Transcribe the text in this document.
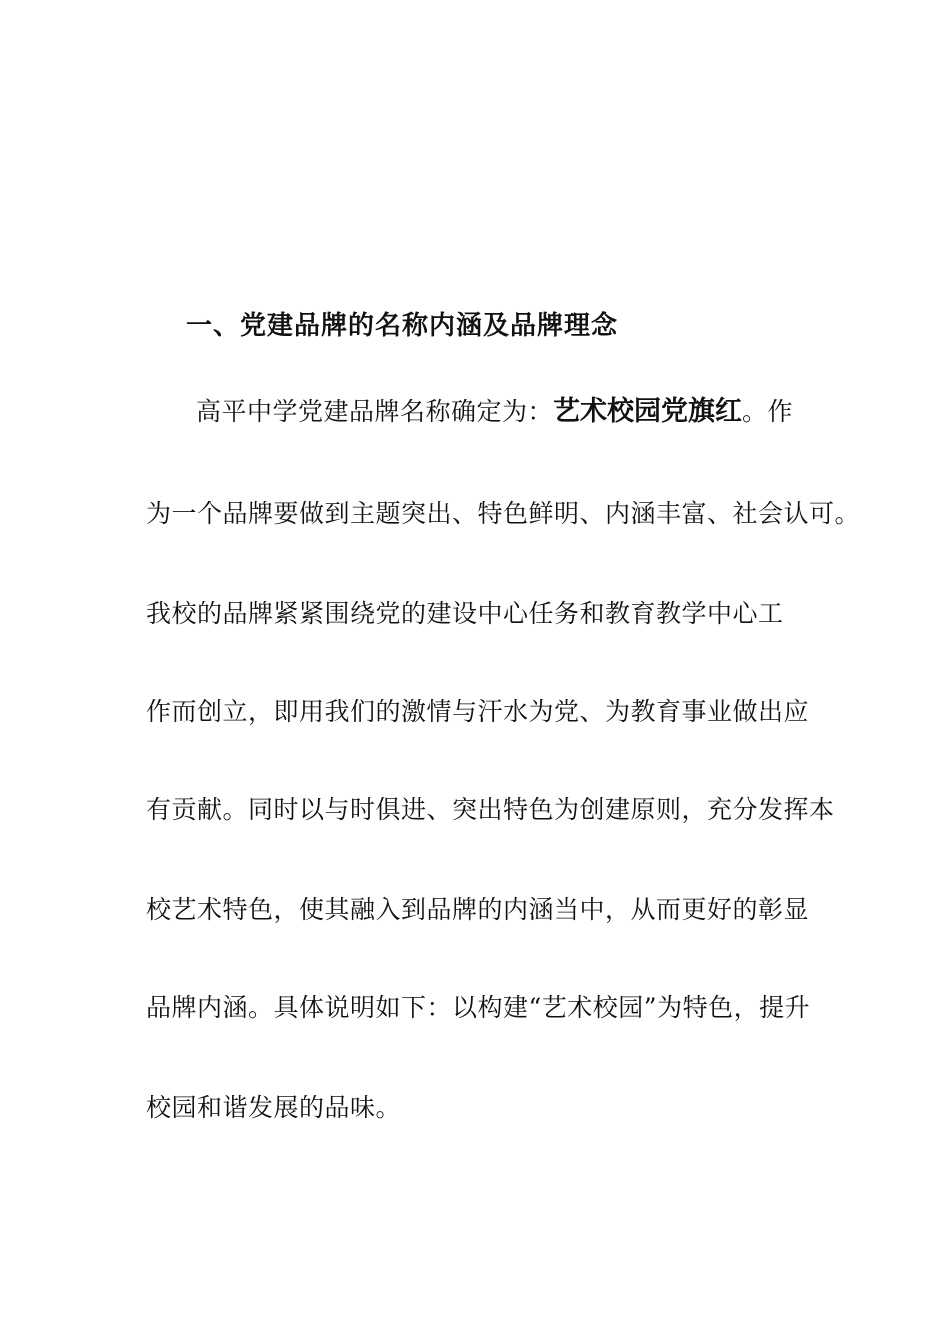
一、党建品牌的名称内涵及品牌理念
高平中学党建品牌名称确定为：艺术校园党旗红。作
为一个品牌要做到主题突出、特色鲜明、内涵丰富、社会认可。
我校的品牌紧紧围绕党的建设中心任务和教育教学中心工
作而创立，即用我们的激情与汗水为党、为教育事业做出应
有贡献。同时以与时俱进、突出特色为创建原则，充分发挥本
校艺术特色，使其融入到品牌的内涵当中，从而更好的彰显
品牌内涵。具体说明如下：以构建“艺术校园”为特色，提升
校园和谐发展的品味。
